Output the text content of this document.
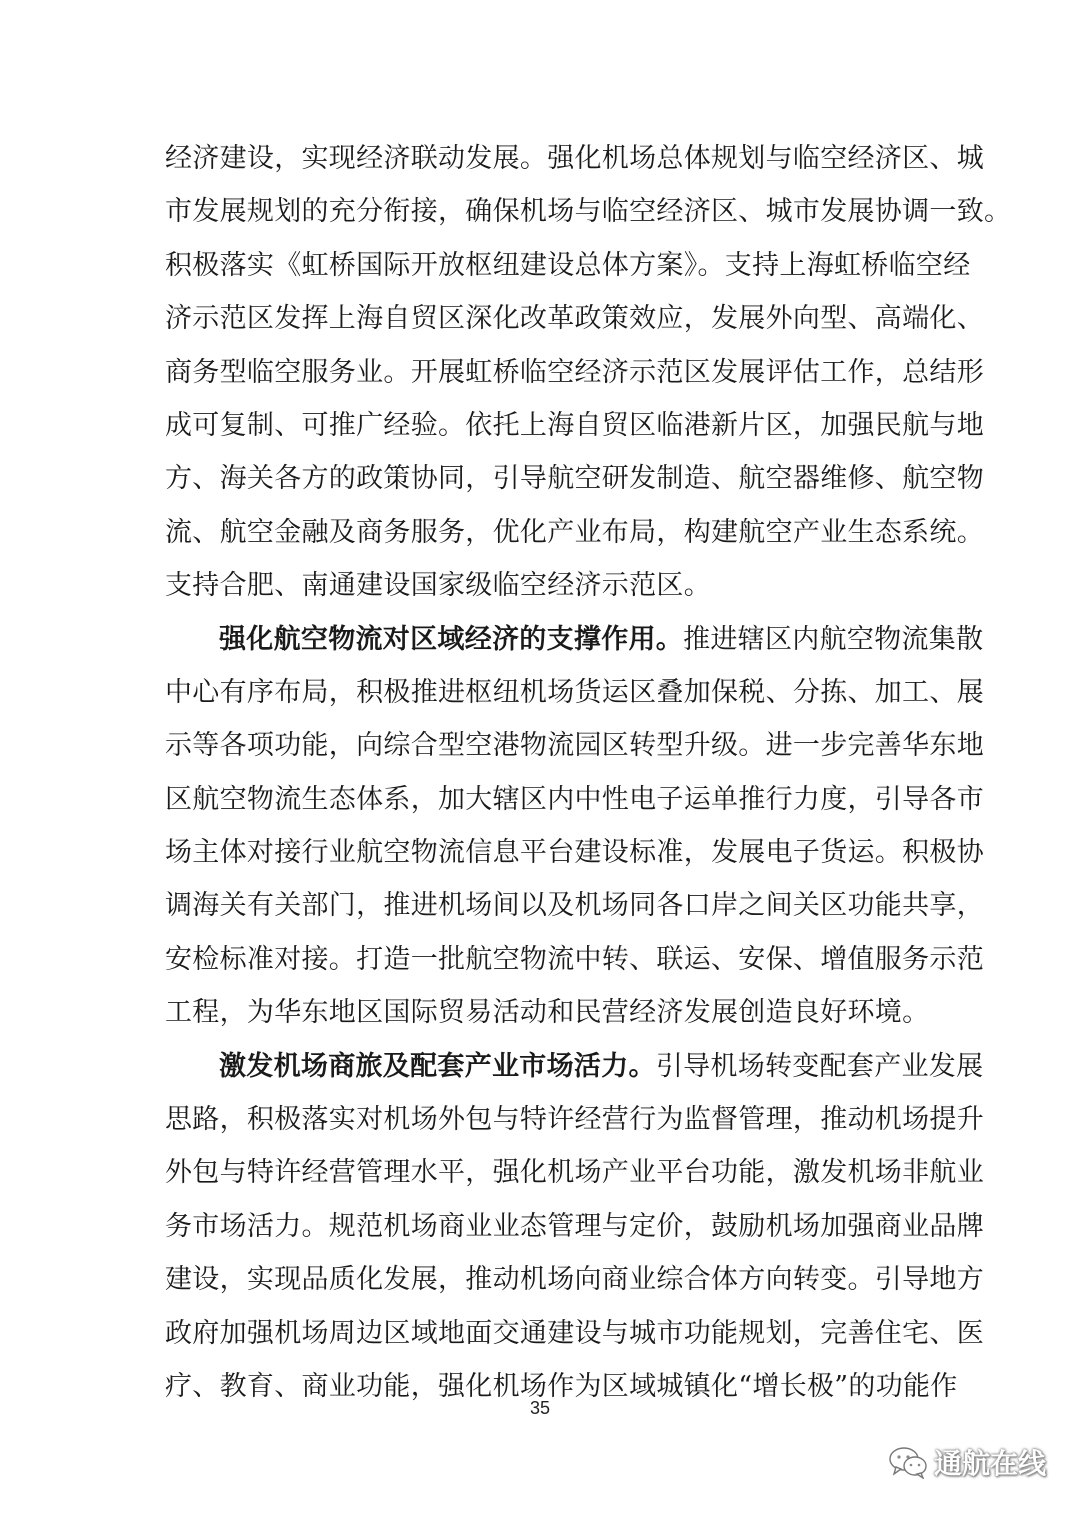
经济建设，实现经济联动发展。强化机场总体规划与临空经济区、城
市发展规划的充分衔接，确保机场与临空经济区、城市发展协调一致。
积极落实《虹桥国际开放枢纽建设总体方案》。支持上海虹桥临空经
济示范区发挥上海自贸区深化改革政策效应，发展外向型、高端化、
商务型临空服务业。开展虹桥临空经济示范区发展评估工作，总结形
成可复制、可推广经验。依托上海自贸区临港新片区，加强民航与地
方、海关各方的政策协同，引导航空研发制造、航空器维修、航空物
流、航空金融及商务服务，优化产业布局，构建航空产业生态系统。
支持合肥、南通建设国家级临空经济示范区。
强化航空物流对区域经济的支撑作用。推进辖区内航空物流集散
中心有序布局，积极推进枢纽机场货运区叠加保税、分拣、加工、展
示等各项功能，向综合型空港物流园区转型升级。进一步完善华东地
区航空物流生态体系，加大辖区内中性电子运单推行力度，引导各市
场主体对接行业航空物流信息平台建设标准，发展电子货运。积极协
调海关有关部门，推进机场间以及机场同各口岸之间关区功能共享，
安检标准对接。打造一批航空物流中转、联运、安保、增值服务示范
工程，为华东地区国际贸易活动和民营经济发展创造良好环境。
激发机场商旅及配套产业市场活力。引导机场转变配套产业发展
思路，积极落实对机场外包与特许经营行为监督管理，推动机场提升
外包与特许经营管理水平，强化机场产业平台功能，激发机场非航业
务市场活力。规范机场商业业态管理与定价，鼓励机场加强商业品牌
建设，实现品质化发展，推动机场向商业综合体方向转变。引导地方
政府加强机场周边区域地面交通建设与城市功能规划，完善住宅、医
疗、教育、商业功能，强化机场作为区域城镇化“增长极”的功能作
35
通航在线
